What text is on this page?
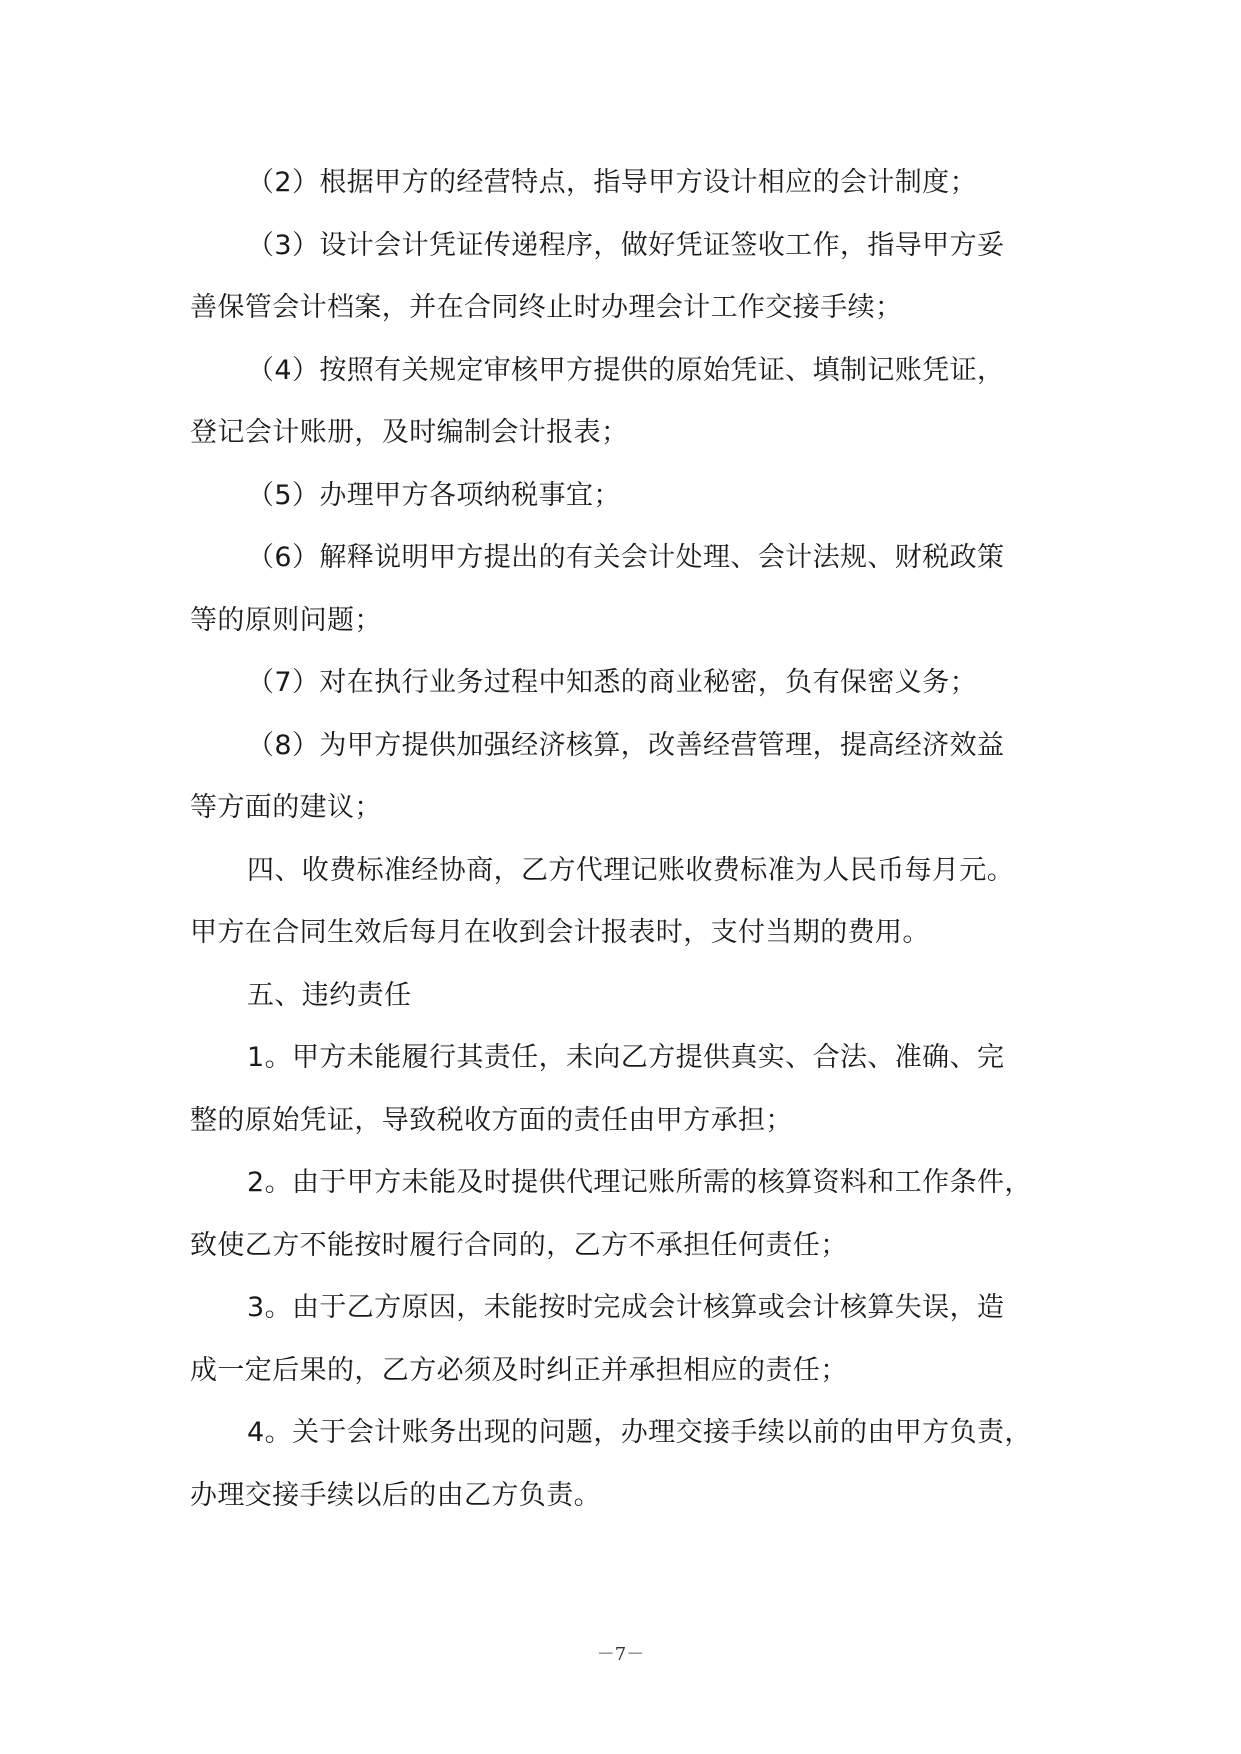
（2）根据甲方的经营特点，指导甲方设计相应的会计制度；

（3）设计会计凭证传递程序，做好凭证签收工作，指导甲方妥
善保管会计档案，并在合同终止时办理会计工作交接手续；

（4）按照有关规定审核甲方提供的原始凭证、填制记账凭证，
登记会计账册，及时编制会计报表；

（5）办理甲方各项纳税事宜；

（6）解释说明甲方提出的有关会计处理、会计法规、财税政策
等的原则问题；

（7）对在执行业务过程中知悉的商业秘密，负有保密义务；

（8）为甲方提供加强经济核算，改善经营管理，提高经济效益
等方面的建议；

四、收费标准经协商，乙方代理记账收费标准为人民币每月元。
甲方在合同生效后每月在收到会计报表时，支付当期的费用。

五、违约责任

1。甲方未能履行其责任，未向乙方提供真实、合法、准确、完
整的原始凭证，导致税收方面的责任由甲方承担；

2。由于甲方未能及时提供代理记账所需的核算资料和工作条件，
致使乙方不能按时履行合同的，乙方不承担任何责任；

3。由于乙方原因，未能按时完成会计核算或会计核算失误，造
成一定后果的，乙方必须及时纠正并承担相应的责任；

4。关于会计账务出现的问题，办理交接手续以前的由甲方负责，
办理交接手续以后的由乙方负责。

－7－
